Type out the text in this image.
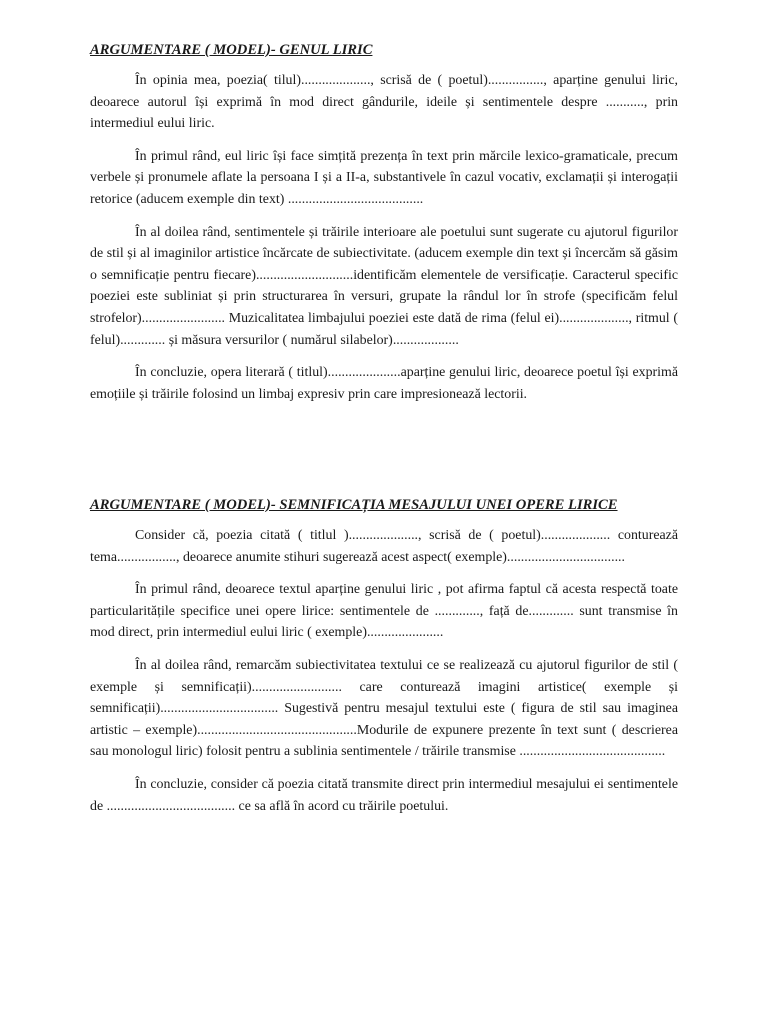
ARGUMENTARE ( MODEL)- GENUL LIRIC

În opinia mea, poezia( tilul)...................., scrisă de ( poetul)................, aparține genului liric, deoarece autorul își exprimă în mod direct gândurile, ideile și sentimentele despre ..........., prin intermediul eului liric.

În primul rând, eul liric își face simțită prezența în text prin mărcile lexico-gramaticale, precum verbele și pronumele aflate la persoana I și a II-a, substantivele în cazul vocativ, exclamații și interogații retorice (aducem exemple din text) .......................................

În al doilea rând, sentimentele și trăirile interioare ale poetului sunt sugerate cu ajutorul figurilor de stil și al imaginilor artistice încărcate de subiectivitate. (aducem exemple din text și încercăm să găsim o semnificație pentru fiecare)............................identificăm elementele de versificație. Caracterul specific poeziei este subliniat și prin structurarea în versuri, grupate la rândul lor în strofe (specificăm felul strofelor)........................ Muzicalitatea limbajului poeziei este dată de rima (felul ei)...................., ritmul ( felul)............. și măsura versurilor ( numărul silabelor)...................

În concluzie, opera literară ( titlul).....................aparține genului liric, deoarece poetul își exprimă emoțiile și trăirile folosind un limbaj expresiv prin care impresionează lectorii.

ARGUMENTARE ( MODEL)- SEMNIFICAȚIA MESAJULUI UNEI OPERE LIRICE

Consider că, poezia citată ( titlul )...................., scrisă de ( poetul).................... conturează tema................., deoarece anumite stihuri sugerează acest aspect( exemple)..................................

În primul rând, deoarece textul aparține genului liric , pot afirma faptul că acesta respectă toate particularitățile specifice unei opere lirice: sentimentele de ............., față de............. sunt transmise în mod direct, prin intermediul eului liric ( exemple)......................

În al doilea rând, remarcăm subiectivitatea textului ce se realizează cu ajutorul figurilor de stil ( exemple și semnificații).......................... care conturează imagini artistice( exemple și semnificații).................................. Sugestivă pentru mesajul textului este ( figura de stil sau imaginea artistic – exemple)..............................................Modurile de expunere prezente în text sunt ( descrierea sau monologul liric) folosit pentru a sublinia sentimentele / trăirile transmise ..........................................

În concluzie, consider că poezia citată transmite direct prin intermediul mesajului ei sentimentele de ..................................... ce sa află în acord cu trăirile poetului.
